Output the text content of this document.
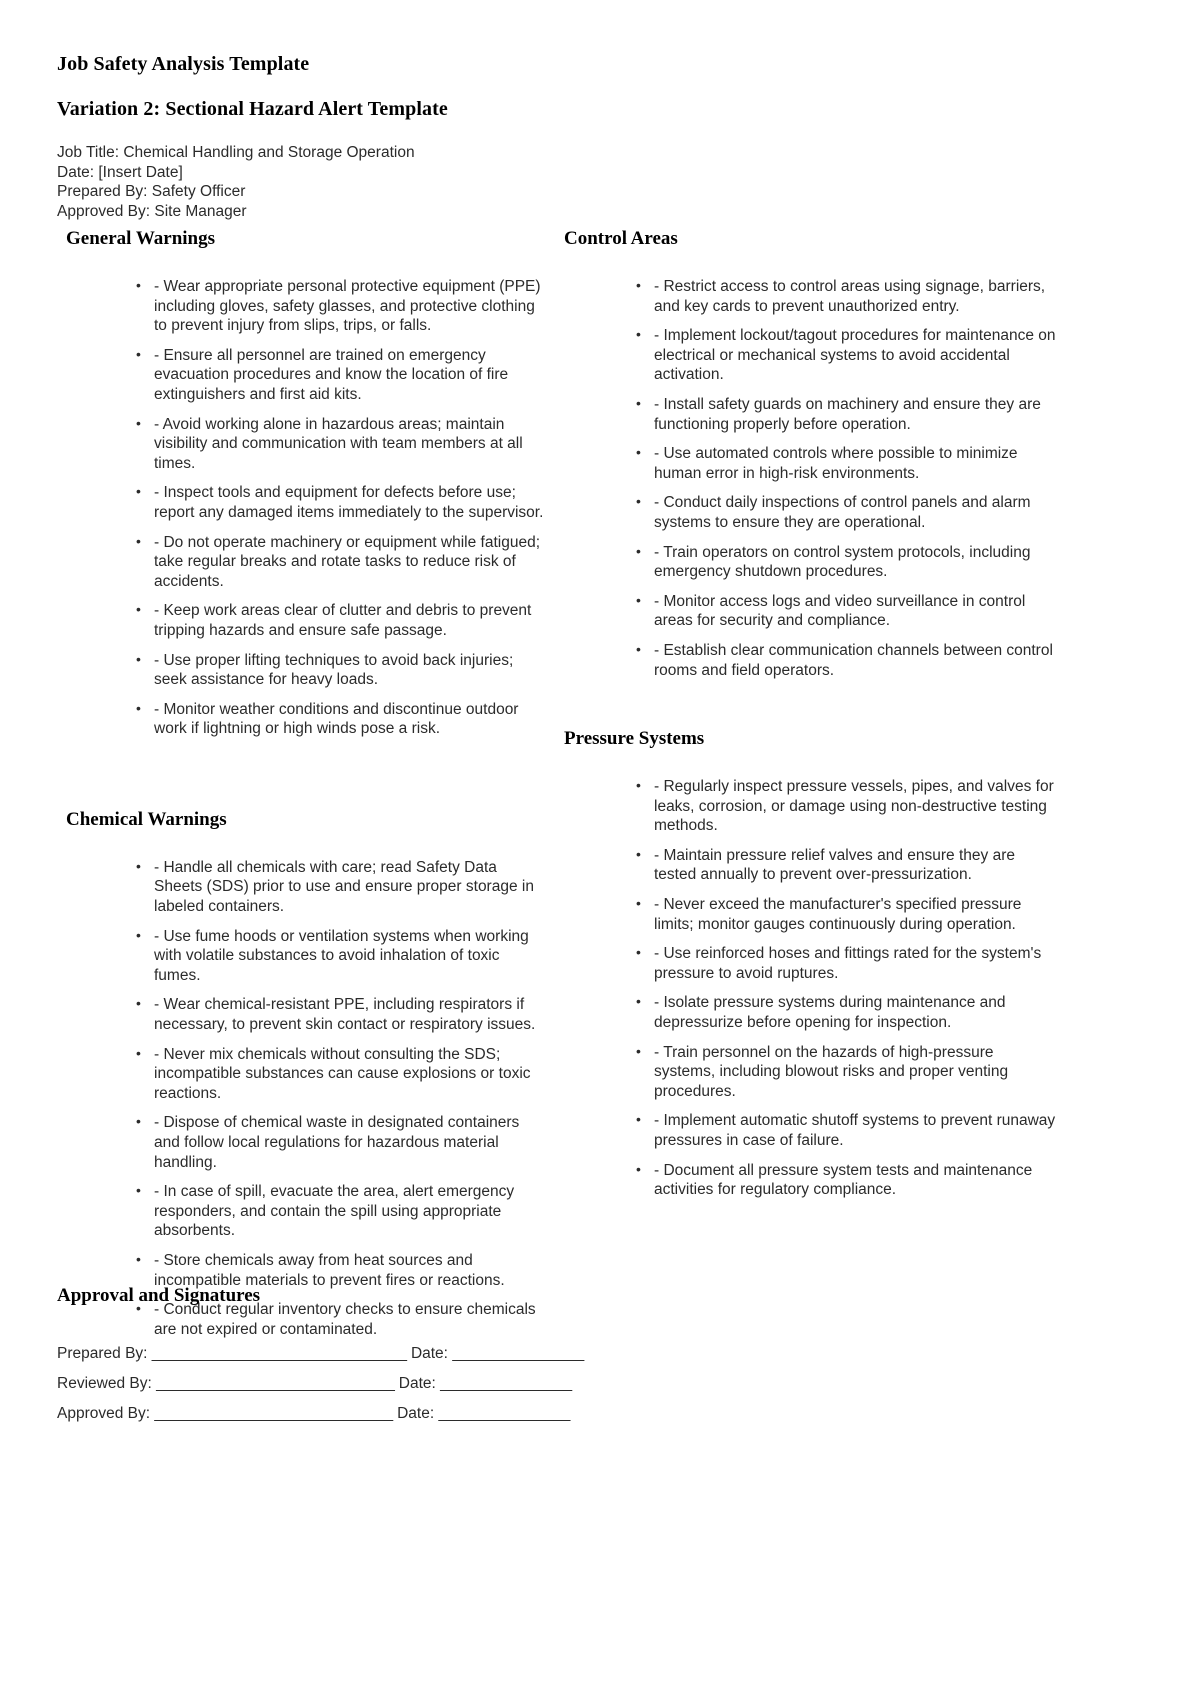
Job Safety Analysis Template
Variation 2: Sectional Hazard Alert Template
Job Title: Chemical Handling and Storage Operation
Date: [Insert Date]
Prepared By: Safety Officer
Approved By: Site Manager
General Warnings
• - Wear appropriate personal protective equipment (PPE) including gloves, safety glasses, and protective clothing to prevent injury from slips, trips, or falls.
• - Ensure all personnel are trained on emergency evacuation procedures and know the location of fire extinguishers and first aid kits.
• - Avoid working alone in hazardous areas; maintain visibility and communication with team members at all times.
• - Inspect tools and equipment for defects before use; report any damaged items immediately to the supervisor.
• - Do not operate machinery or equipment while fatigued; take regular breaks and rotate tasks to reduce risk of accidents.
• - Keep work areas clear of clutter and debris to prevent tripping hazards and ensure safe passage.
• - Use proper lifting techniques to avoid back injuries; seek assistance for heavy loads.
• - Monitor weather conditions and discontinue outdoor work if lightning or high winds pose a risk.
Chemical Warnings
• - Handle all chemicals with care; read Safety Data Sheets (SDS) prior to use and ensure proper storage in labeled containers.
• - Use fume hoods or ventilation systems when working with volatile substances to avoid inhalation of toxic fumes.
• - Wear chemical-resistant PPE, including respirators if necessary, to prevent skin contact or respiratory issues.
• - Never mix chemicals without consulting the SDS; incompatible substances can cause explosions or toxic reactions.
• - Dispose of chemical waste in designated containers and follow local regulations for hazardous material handling.
• - In case of spill, evacuate the area, alert emergency responders, and contain the spill using appropriate absorbents.
• - Store chemicals away from heat sources and incompatible materials to prevent fires or reactions.
• - Conduct regular inventory checks to ensure chemicals are not expired or contaminated.
Control Areas
• - Restrict access to control areas using signage, barriers, and key cards to prevent unauthorized entry.
• - Implement lockout/tagout procedures for maintenance on electrical or mechanical systems to avoid accidental activation.
• - Install safety guards on machinery and ensure they are functioning properly before operation.
• - Use automated controls where possible to minimize human error in high-risk environments.
• - Conduct daily inspections of control panels and alarm systems to ensure they are operational.
• - Train operators on control system protocols, including emergency shutdown procedures.
• - Monitor access logs and video surveillance in control areas for security and compliance.
• - Establish clear communication channels between control rooms and field operators.
Pressure Systems
• - Regularly inspect pressure vessels, pipes, and valves for leaks, corrosion, or damage using non-destructive testing methods.
• - Maintain pressure relief valves and ensure they are tested annually to prevent over-pressurization.
• - Never exceed the manufacturer's specified pressure limits; monitor gauges continuously during operation.
• - Use reinforced hoses and fittings rated for the system's pressure to avoid ruptures.
• - Isolate pressure systems during maintenance and depressurize before opening for inspection.
• - Train personnel on the hazards of high-pressure systems, including blowout risks and proper venting procedures.
• - Implement automatic shutoff systems to prevent runaway pressures in case of failure.
• - Document all pressure system tests and maintenance activities for regulatory compliance.
Approval and Signatures
Prepared By: _______________________________ Date: ________________
Reviewed By: _____________________________ Date: ________________
Approved By: _____________________________ Date: ________________
